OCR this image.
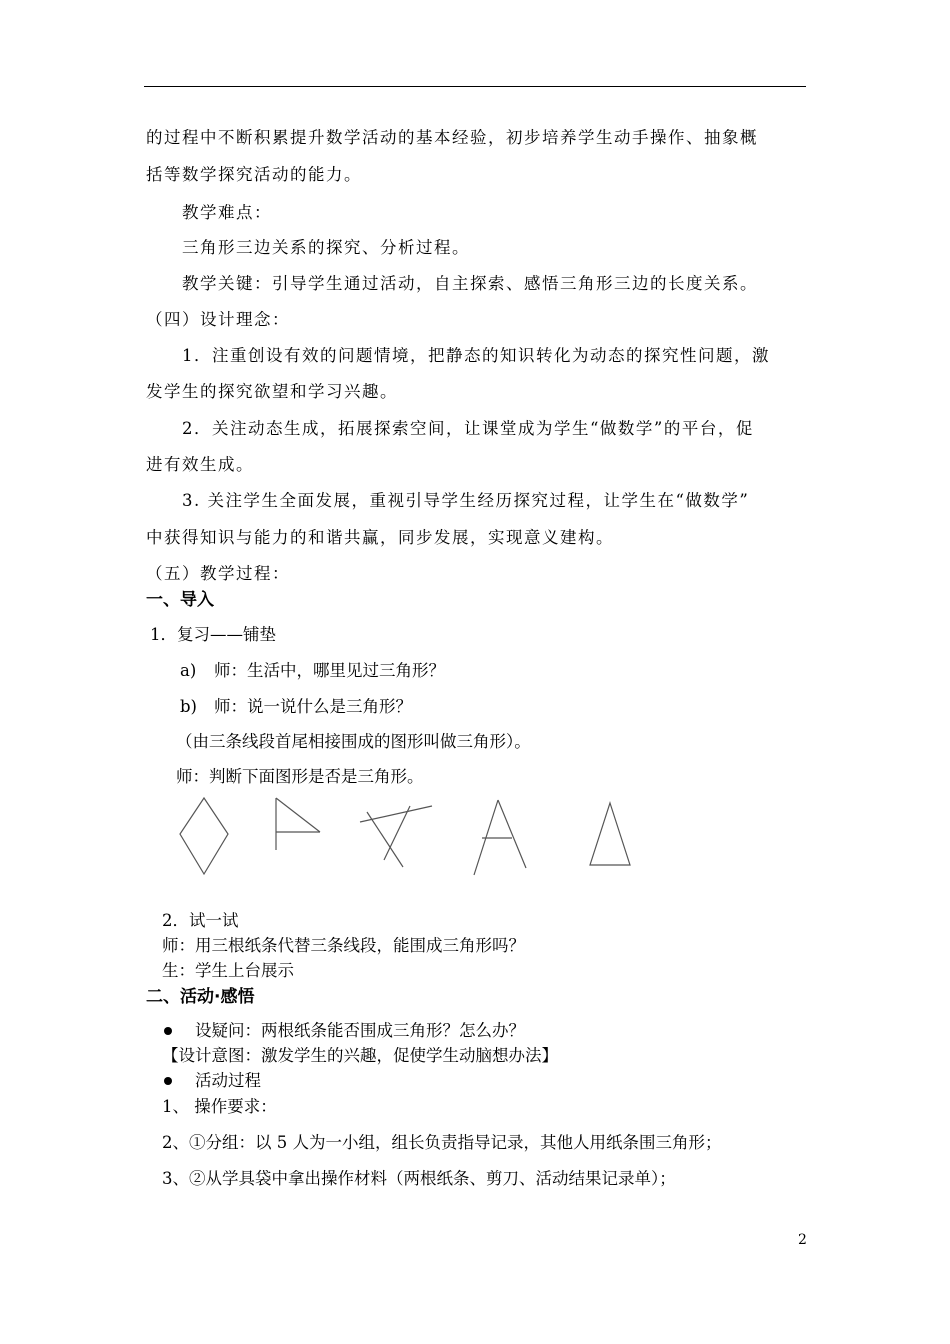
的过程中不断积累提升数学活动的基本经验，初步培养学生动手操作、抽象概
括等数学探究活动的能力。
教学难点：
三角形三边关系的探究、分析过程。
教学关键：引导学生通过活动，自主探索、感悟三角形三边的长度关系。
（四）设计理念：
1．注重创设有效的问题情境，把静态的知识转化为动态的探究性问题，激
发学生的探究欲望和学习兴趣。
2．关注动态生成，拓展探索空间，让课堂成为学生“做数学”的平台，促
进有效生成。
3. 关注学生全面发展，重视引导学生经历探究过程，让学生在“做数学”
中获得知识与能力的和谐共赢，同步发展，实现意义建构。
（五）教学过程：
一、导入
1．复习——铺垫
a) 师：生活中，哪里见过三角形？
b) 师：说一说什么是三角形？
（由三条线段首尾相接围成的图形叫做三角形）。
师：判断下面图形是否是三角形。
2．试一试
师：用三根纸条代替三条线段，能围成三角形吗？
生：学生上台展示
二、活动·感悟
设疑问：两根纸条能否围成三角形？怎么办？
【设计意图：激发学生的兴趣，促使学生动脑想办法】
活动过程
1、 操作要求：
2、①分组：以 5 人为一小组，组长负责指导记录，其他人用纸条围三角形；
3、②从学具袋中拿出操作材料（两根纸条、剪刀、活动结果记录单）；
2
